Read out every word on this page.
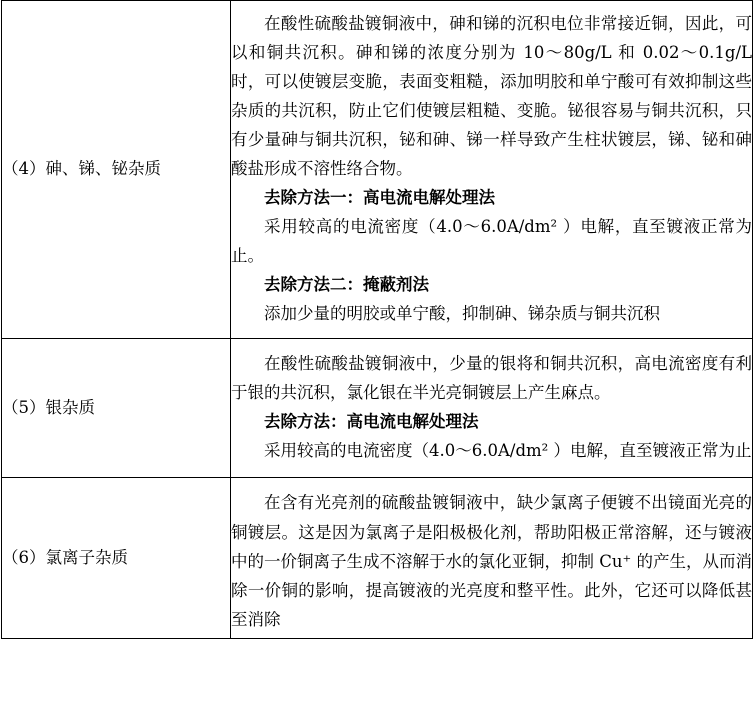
（4）砷、锑、铋杂质	在酸性硫酸盐镀铜液中，砷和锑的沉积电位非常接近铜，因此，可以和铜共沉积。砷和锑的浓度分别为 10～80g/L 和 0.02～0.1g/L 时，可以使镀层变脆，表面变粗糙，添加明胶和单宁酸可有效抑制这些杂质的共沉积，防止它们使镀层粗糙、变脆。铋很容易与铜共沉积，只有少量砷与铜共沉积，铋和砷、锑一样导致产生柱状镀层，锑、铋和砷酸盐形成不溶性络合物。

去除方法一：高电流电解处理法

采用较高的电流密度（4.0～6.0A/dm² ）电解，直至镀液正常为止。

去除方法二：掩蔽剂法

添加少量的明胶或单宁酸，抑制砷、锑杂质与铜共沉积

（5）银杂质	在酸性硫酸盐镀铜液中，少量的银将和铜共沉积，高电流密度有利于银的共沉积，氯化银在半光亮铜镀层上产生麻点。

去除方法：高电流电解处理法

采用较高的电流密度（4.0～6.0A/dm² ）电解，直至镀液正常为止

（6）氯离子杂质	在含有光亮剂的硫酸盐镀铜液中，缺少氯离子便镀不出镜面光亮的铜镀层。这是因为氯离子是阳极极化剂，帮助阳极正常溶解，还与镀液中的一价铜离子生成不溶解于水的氯化亚铜，抑制 Cu⁺ 的产生，从而消除一价铜的影响，提高镀液的光亮度和整平性。此外，它还可以降低甚至消除
